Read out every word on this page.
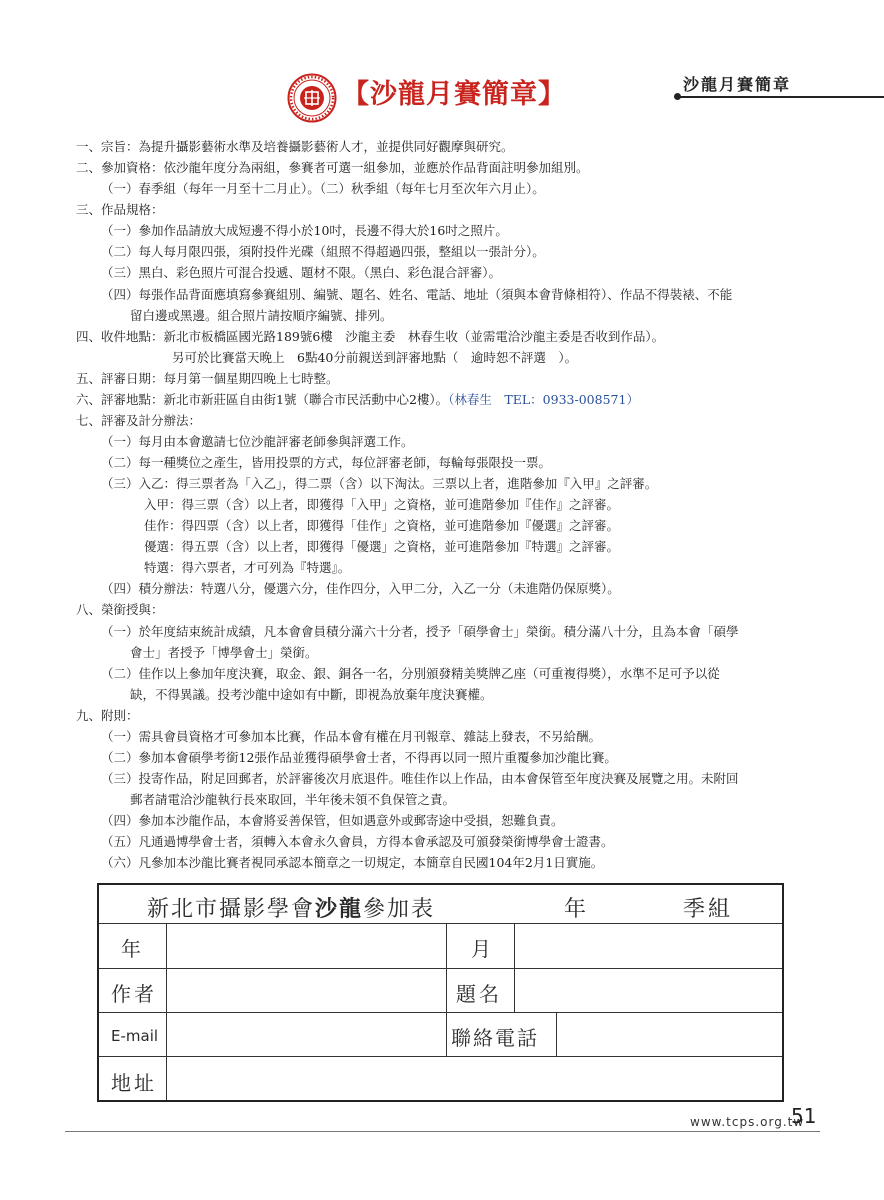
【沙龍月賽簡章】	沙龍月賽簡章
一、宗旨：為提升攝影藝術水準及培養攝影藝術人才，並提供同好觀摩與研究。
二、參加資格：依沙龍年度分為兩組，參賽者可選一組參加，並應於作品背面註明參加組別。
（一）春季組（每年一月至十二月止）。（二）秋季組（每年七月至次年六月止）。
三、作品規格：
（一）參加作品請放大成短邊不得小於10吋，長邊不得大於16吋之照片。
（二）每人每月限四張，須附投件光碟（組照不得超過四張，整組以一張計分）。
（三）黑白、彩色照片可混合投遞、題材不限。（黑白、彩色混合評審）。
（四）每張作品背面應填寫參賽組別、編號、題名、姓名、電話、地址（須與本會背條相符）、作品不得裝裱、不能
留白邊或黑邊。組合照片請按順序編號、排列。
四、收件地點：新北市板橋區國光路189號6樓　沙龍主委　林春生收（並需電洽沙龍主委是否收到作品）。
另可於比賽當天晚上　6點40分前親送到評審地點（　逾時恕不評選　）。
五、評審日期：每月第一個星期四晚上七時整。
六、評審地點：新北市新莊區自由街1號（聯合市民活動中心2樓）。（林春生　TEL：0933-008571）
七、評審及計分辦法：
（一）每月由本會邀請七位沙龍評審老師參與評選工作。
（二）每一種獎位之產生，皆用投票的方式，每位評審老師，每輪每張限投一票。
（三）入乙：得三票者為「入乙」，得二票（含）以下淘汰。三票以上者，進階參加『入甲』之評審。
入甲：得三票（含）以上者，即獲得「入甲」之資格，並可進階參加『佳作』之評審。
佳作：得四票（含）以上者，即獲得「佳作」之資格，並可進階參加『優選』之評審。
優選：得五票（含）以上者，即獲得「優選」之資格，並可進階參加『特選』之評審。
特選：得六票者，才可列為『特選』。
（四）積分辦法：特選八分，優選六分，佳作四分，入甲二分，入乙一分（未進階仍保原獎）。
八、榮銜授與：
（一）於年度結束統計成績，凡本會會員積分滿六十分者，授予「碩學會士」榮銜。積分滿八十分，且為本會「碩學
會士」者授予「博學會士」榮銜。
（二）佳作以上參加年度決賽，取金、銀、銅各一名，分別頒發精美獎牌乙座（可重複得獎），水準不足可予以從
缺，不得異議。投考沙龍中途如有中斷，即視為放棄年度決賽權。
九、附則：
（一）需具會員資格才可參加本比賽，作品本會有權在月刊報章、雜誌上發表，不另給酬。
（二）參加本會碩學考銜12張作品並獲得碩學會士者，不得再以同一照片重覆參加沙龍比賽。
（三）投寄作品，附足回郵者，於評審後次月底退件。唯佳作以上作品，由本會保管至年度決賽及展覽之用。未附回
郵者請電洽沙龍執行長來取回，半年後未領不負保管之責。
（四）參加本沙龍作品，本會將妥善保管，但如遇意外或郵寄途中受損，恕難負責。
（五）凡通過博學會士者，須轉入本會永久會員，方得本會承認及可頒發榮銜博學會士證書。
（六）凡參加本沙龍比賽者視同承認本簡章之一切規定，本簡章自民國104年2月1日實施。
新北市攝影學會沙龍參加表	年	季組
年	月
作者	題名
E-mail	聯絡電話
地址
www.tcps.org.tw
51
